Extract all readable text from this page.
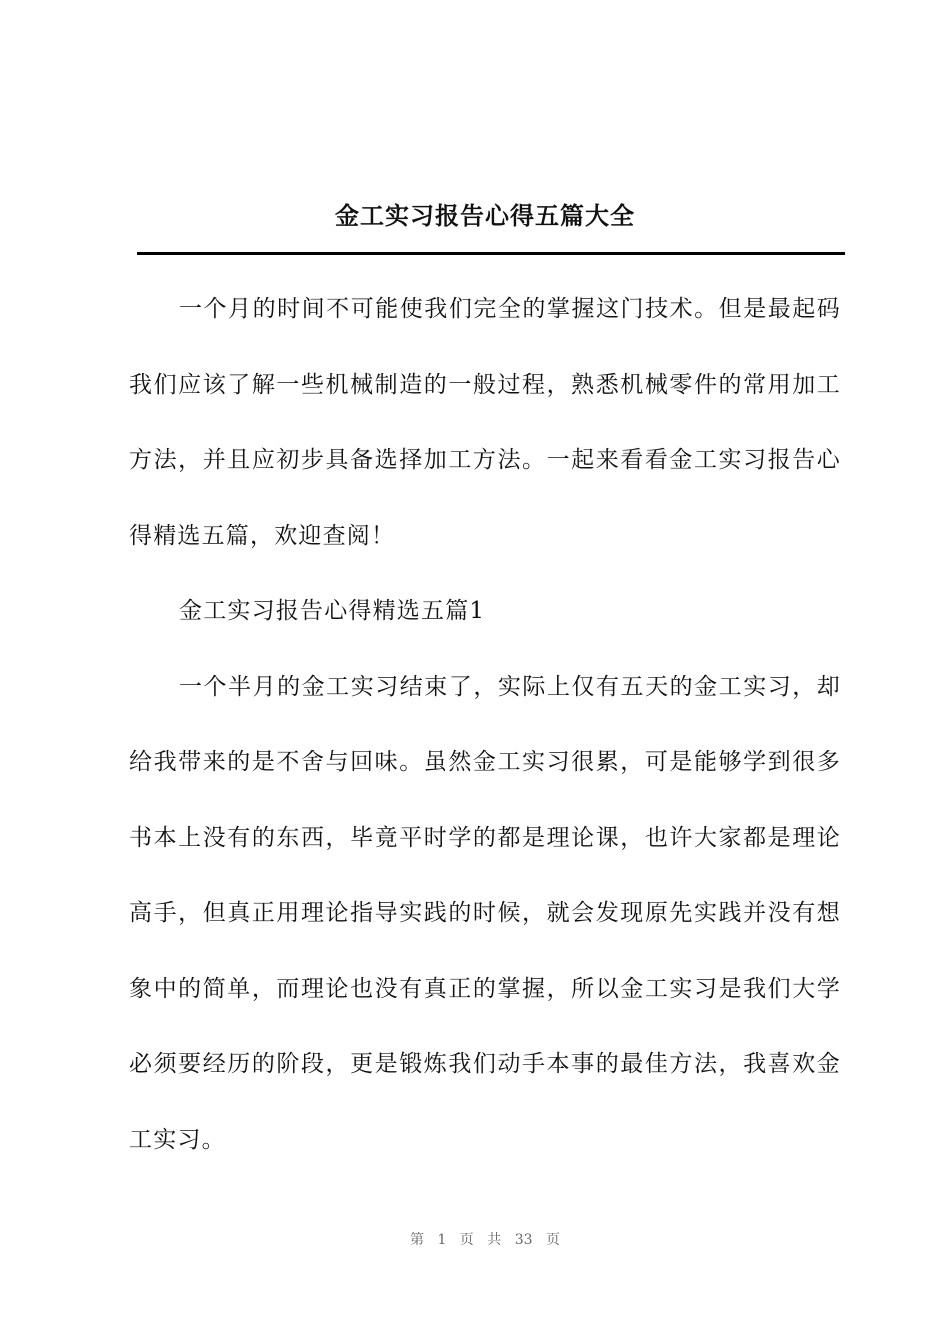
金工实习报告心得五篇大全

一个月的时间不可能使我们完全的掌握这门技术。但是最起码我们应该了解一些机械制造的一般过程，熟悉机械零件的常用加工方法，并且应初步具备选择加工方法。一起来看看金工实习报告心得精选五篇，欢迎查阅！

金工实习报告心得精选五篇1

一个半月的金工实习结束了，实际上仅有五天的金工实习，却给我带来的是不舍与回味。虽然金工实习很累，可是能够学到很多书本上没有的东西，毕竟平时学的都是理论课，也许大家都是理论高手，但真正用理论指导实践的时候，就会发现原先实践并没有想象中的简单，而理论也没有真正的掌握，所以金工实习是我们大学必须要经历的阶段，更是锻炼我们动手本事的最佳方法，我喜欢金工实习。

第 1 页 共 33 页
